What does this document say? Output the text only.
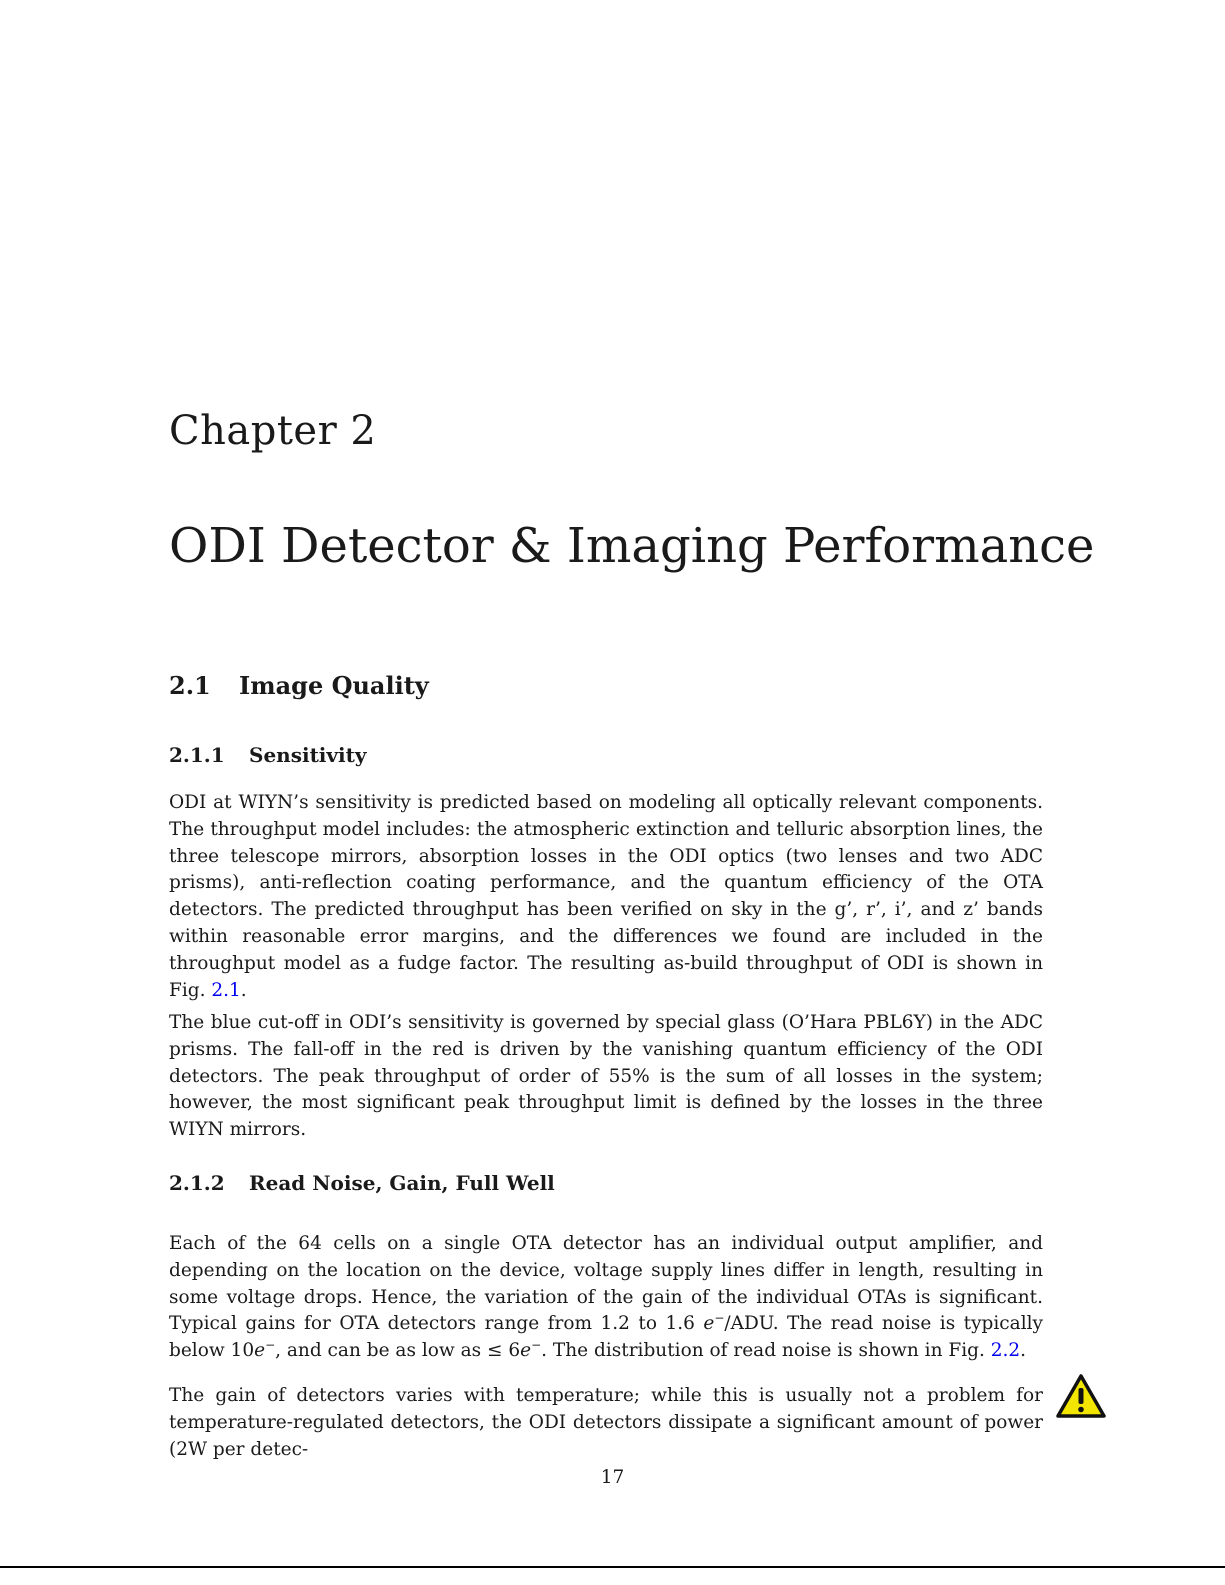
Chapter 2
ODI Detector & Imaging Performance
2.1 Image Quality
2.1.1 Sensitivity

ODI at WIYN’s sensitivity is predicted based on modeling all optically relevant components. The throughput model includes: the atmospheric extinction and telluric absorption lines, the three telescope mirrors, absorption losses in the ODI optics (two lenses and two ADC prisms), anti-reflection coating performance, and the quantum efficiency of the OTA detectors. The predicted throughput has been verified on sky in the g’, r’, i’, and z’ bands within reasonable error margins, and the differences we found are included in the throughput model as a fudge factor. The resulting as-build throughput of ODI is shown in Fig. 2.1.

The blue cut-off in ODI’s sensitivity is governed by special glass (O’Hara PBL6Y) in the ADC prisms. The fall-off in the red is driven by the vanishing quantum efficiency of the ODI detectors. The peak throughput of order of 55% is the sum of all losses in the system; however, the most significant peak throughput limit is defined by the losses in the three WIYN mirrors.

2.1.2 Read Noise, Gain, Full Well

Each of the 64 cells on a single OTA detector has an individual output amplifier, and depending on the location on the device, voltage supply lines differ in length, resulting in some voltage drops. Hence, the variation of the gain of the individual OTAs is significant. Typical gains for OTA detectors range from 1.2 to 1.6 e−/ADU. The read noise is typically below 10e−, and can be as low as ≤ 6e−. The distribution of read noise is shown in Fig. 2.2.

The gain of detectors varies with temperature; while this is usually not a problem for temperature-regulated detectors, the ODI detectors dissipate a significant amount of power (2W per detec-

17
